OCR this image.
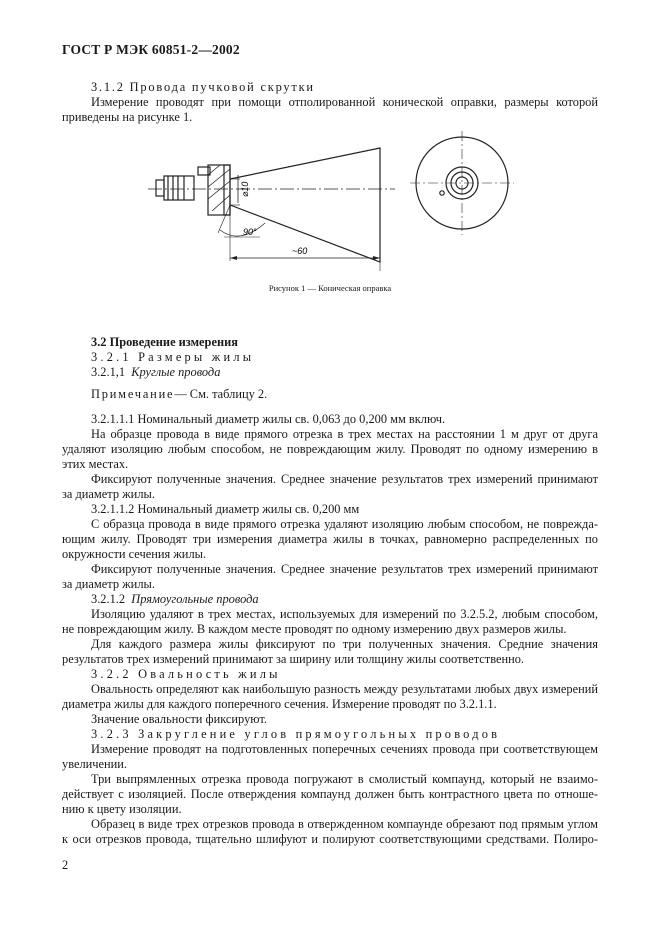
ГОСТ Р МЭК 60851-2—2002
3.1.2 Провода пучковой скрутки
Измерение проводят при помощи отполированной конической оправки, размеры которой
приведены на рисунке 1.
⌀10
90°
~60
Рисунок 1 — Коническая оправка
3.2 Проведение измерения
3.2.1 Размеры жилы
3.2.1,1 Круглые провода
Примечание— См. таблицу 2.
3.2.1.1.1 Номинальный диаметр жилы св. 0,063 до 0,200 мм включ.
На образце провода в виде прямого отрезка в трех местах на расстоянии 1 м друг от друга
удаляют изоляцию любым способом, не повреждающим жилу. Проводят по одному измерению в
этих местах.
Фиксируют полученные значения. Среднее значение результатов трех измерений принимают
за диаметр жилы.
3.2.1.1.2 Номинальный диаметр жилы св. 0,200 мм
С образца провода в виде прямого отрезка удаляют изоляцию любым способом, не поврежда-
ющим жилу. Проводят три измерения диаметра жилы в точках, равномерно распределенных по
окружности сечения жилы.
Фиксируют полученные значения. Среднее значение результатов трех измерений принимают
за диаметр жилы.
3.2.1.2 Прямоугольные провода
Изоляцию удаляют в трех местах, используемых для измерений по 3.2.5.2, любым способом,
не повреждающим жилу. В каждом месте проводят по одному измерению двух размеров жилы.
Для каждого размера жилы фиксируют по три полученных значения. Средние значения
результатов трех измерений принимают за ширину или толщину жилы соответственно.
3.2.2 Овальность жилы
Овальность определяют как наибольшую разность между результатами любых двух измерений
диаметра жилы для каждого поперечного сечения. Измерение проводят по 3.2.1.1.
Значение овальности фиксируют.
3.2.3 Закругление углов прямоугольных проводов
Измерение проводят на подготовленных поперечных сечениях провода при соответствующем
увеличении.
Три выпрямленных отрезка провода погружают в смолистый компаунд, который не взаимо-
действует с изоляцией. После отверждения компаунд должен быть контрастного цвета по отноше-
нию к цвету изоляции.
Образец в виде трех отрезков провода в отвержденном компаунде обрезают под прямым углом
к оси отрезков провода, тщательно шлифуют и полируют соответствующими средствами. Полиро-
2
